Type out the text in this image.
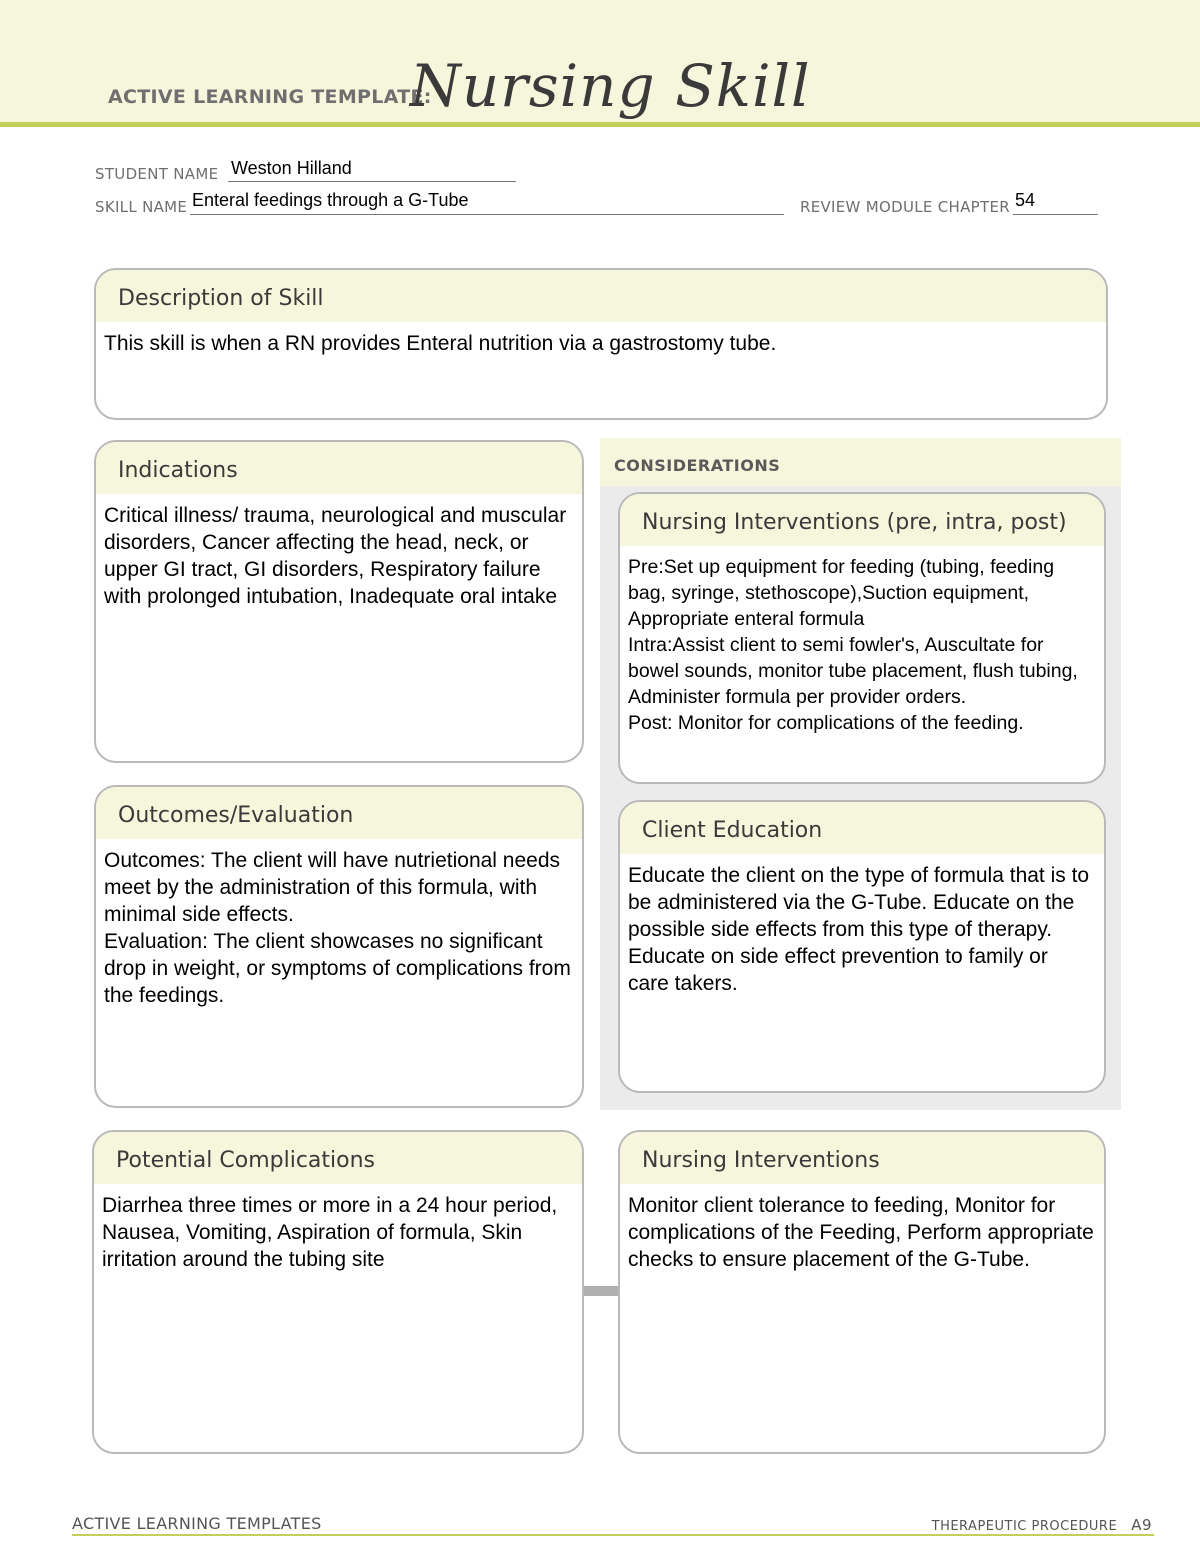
ACTIVE LEARNING TEMPLATE:
Nursing Skill
STUDENT NAME Weston Hilland
SKILL NAME Enteral feedings through a G-Tube	REVIEW MODULE CHAPTER 54
Description of Skill
This skill is when a RN provides Enteral nutrition via a gastrostomy tube.
CONSIDERATIONS
Indications
Critical illness/ trauma, neurological and muscular disorders, Cancer affecting the head, neck, or upper GI tract, GI disorders, Respiratory failure with prolonged intubation, Inadequate oral intake
Nursing Interventions (pre, intra, post)
Pre:Set up equipment for feeding (tubing, feeding bag, syringe, stethoscope),Suction equipment, Appropriate enteral formula
Intra:Assist client to semi fowler's, Auscultate for bowel sounds, monitor tube placement, flush tubing, Administer formula per provider orders.
Post: Monitor for complications of the feeding.
Outcomes/Evaluation
Outcomes: The client will have nutrietional needs meet by the administration of this formula, with minimal side effects.
Evaluation: The client showcases no significant drop in weight, or symptoms of complications from the feedings.
Client Education
Educate the client on the type of formula that is to be administered via the G-Tube. Educate on the possible side effects from this type of therapy. Educate on side effect prevention to family or care takers.
Potential Complications
Diarrhea three times or more in a 24 hour period, Nausea, Vomiting, Aspiration of formula, Skin irritation around the tubing site
Nursing Interventions
Monitor client tolerance to feeding, Monitor for complications of the Feeding, Perform appropriate checks to ensure placement of the G-Tube.
ACTIVE LEARNING TEMPLATES	THERAPEUTIC PROCEDURE A9
